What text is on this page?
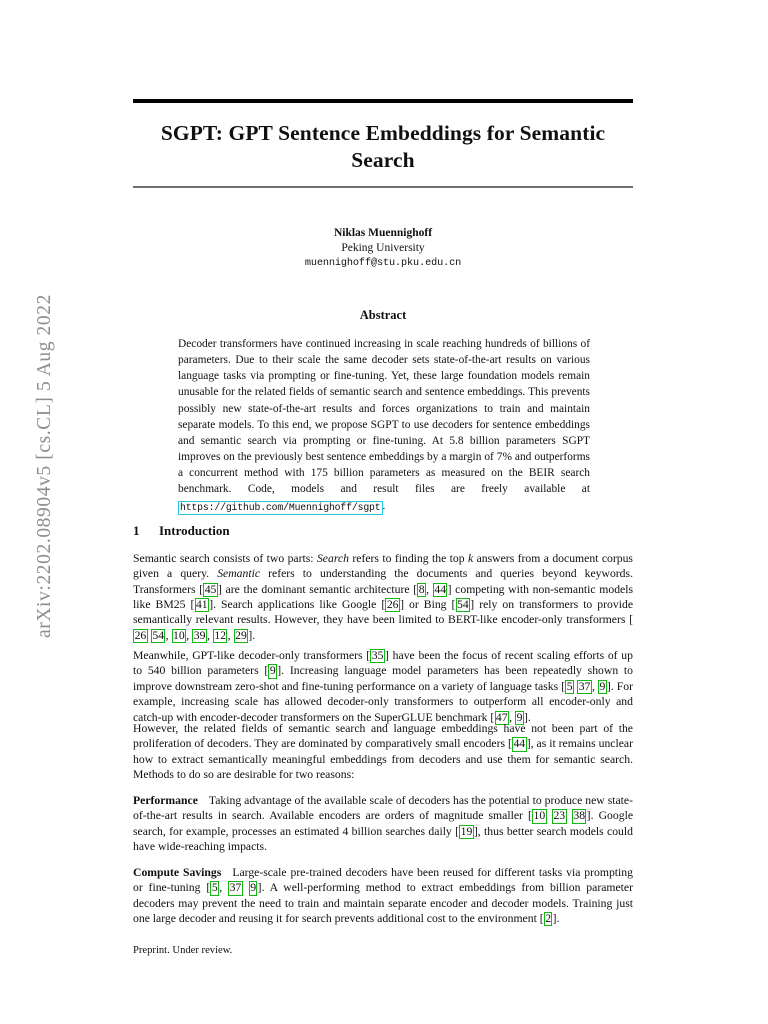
arXiv:2202.08904v5 [cs.CL] 5 Aug 2022
SGPT: GPT Sentence Embeddings for Semantic Search
Niklas Muennighoff
Peking University
muennighoff@stu.pku.edu.cn
Abstract
Decoder transformers have continued increasing in scale reaching hundreds of billions of parameters. Due to their scale the same decoder sets state-of-the-art results on various language tasks via prompting or fine-tuning. Yet, these large foundation models remain unusable for the related fields of semantic search and sentence embeddings. This prevents possibly new state-of-the-art results and forces organizations to train and maintain separate models. To this end, we propose SGPT to use decoders for sentence embeddings and semantic search via prompting or fine-tuning. At 5.8 billion parameters SGPT improves on the previously best sentence embeddings by a margin of 7% and outperforms a concurrent method with 175 billion parameters as measured on the BEIR search benchmark. Code, models and result files are freely available at https://github.com/Muennighoff/sgpt .
1 Introduction
Semantic search consists of two parts: Search refers to finding the top k answers from a document corpus given a query. Semantic refers to understanding the documents and queries beyond keywords. Transformers [ 45 ] are the dominant semantic architecture [ 8 , 44 ] competing with non-semantic models like BM25 [ 41 ]. Search applications like Google [ 26 ] or Bing [ 54 ] rely on transformers to provide semantically relevant results. However, they have been limited to BERT-like encoder-only transformers [26 54 , 10 , 39 , 12 , 29 ].
Meanwhile, GPT-like decoder-only transformers [ 35 ] have been the focus of recent scaling efforts of up to 540 billion parameters [ 9 ]. Increasing language model parameters has been repeatedly shown to improve downstream zero-shot and fine-tuning performance on a variety of language tasks [ 5 37 , 9 ]. For example, increasing scale has allowed decoder-only transformers to outperform all encoder-only and catch-up with encoder-decoder transformers on the SuperGLUE benchmark [ 47 , 9 ].
However, the related fields of semantic search and language embeddings have not been part of the proliferation of decoders. They are dominated by comparatively small encoders [ 44 ], as it remains unclear how to extract semantically meaningful embeddings from decoders and use them for semantic search. Methods to do so are desirable for two reasons:
Performance Taking advantage of the available scale of decoders has the potential to produce new state-of-the-art results in search. Available encoders are orders of magnitude smaller [ 10 23 38 ]. Google search, for example, processes an estimated 4 billion searches daily [ 19 ], thus better search models could have wide-reaching impacts.
Compute Savings Large-scale pre-trained decoders have been reused for different tasks via prompting or fine-tuning [ 5 , 37 9 ]. A well-performing method to extract embeddings from billion parameter decoders may prevent the need to train and maintain separate encoder and decoder models. Training just one large decoder and reusing it for search prevents additional cost to the environment [ 2 ].
Preprint. Under review.
